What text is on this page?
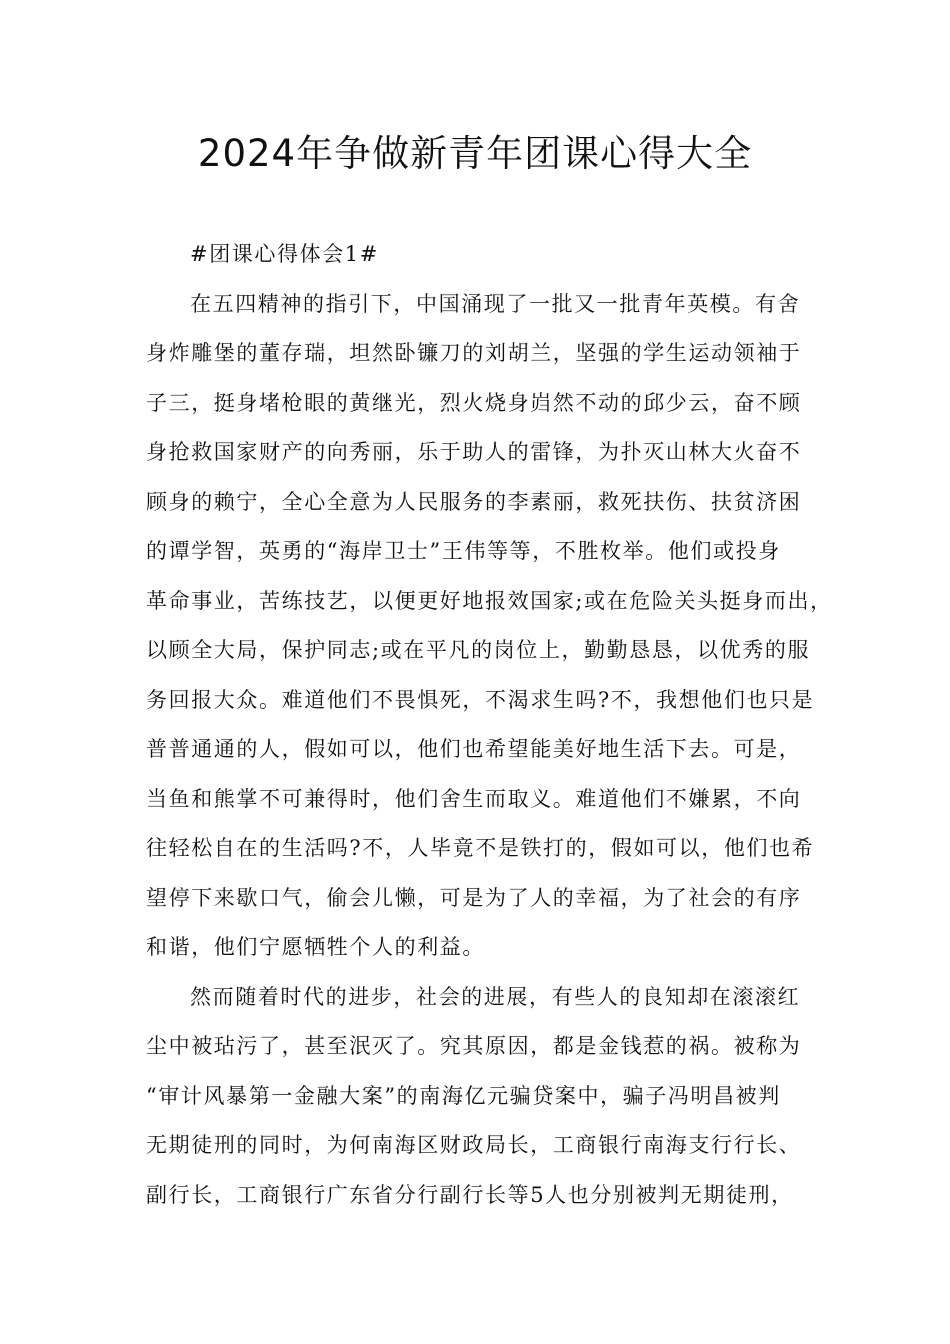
2024年争做新青年团课心得大全
#团课心得体会1#
在五四精神的指引下，中国涌现了一批又一批青年英模。有舍
身炸雕堡的董存瑞，坦然卧镰刀的刘胡兰，坚强的学生运动领袖于
子三，挺身堵枪眼的黄继光，烈火烧身岿然不动的邱少云，奋不顾
身抢救国家财产的向秀丽，乐于助人的雷锋，为扑灭山林大火奋不
顾身的赖宁，全心全意为人民服务的李素丽，救死扶伤、扶贫济困
的谭学智，英勇的“海岸卫士”王伟等等，不胜枚举。他们或投身
革命事业，苦练技艺，以便更好地报效国家;或在危险关头挺身而出，
以顾全大局，保护同志;或在平凡的岗位上，勤勤恳恳，以优秀的服
务回报大众。难道他们不畏惧死，不渴求生吗?不，我想他们也只是
普普通通的人，假如可以，他们也希望能美好地生活下去。可是，
当鱼和熊掌不可兼得时，他们舍生而取义。难道他们不嫌累，不向
往轻松自在的生活吗?不，人毕竟不是铁打的，假如可以，他们也希
望停下来歇口气，偷会儿懒，可是为了人的幸福，为了社会的有序
和谐，他们宁愿牺牲个人的利益。
然而随着时代的进步，社会的进展，有些人的良知却在滚滚红
尘中被玷污了，甚至泯灭了。究其原因，都是金钱惹的祸。被称为
“审计风暴第一金融大案”的南海亿元骗贷案中，骗子冯明昌被判
无期徒刑的同时，为何南海区财政局长，工商银行南海支行行长、
副行长，工商银行广东省分行副行长等5人也分别被判无期徒刑，
